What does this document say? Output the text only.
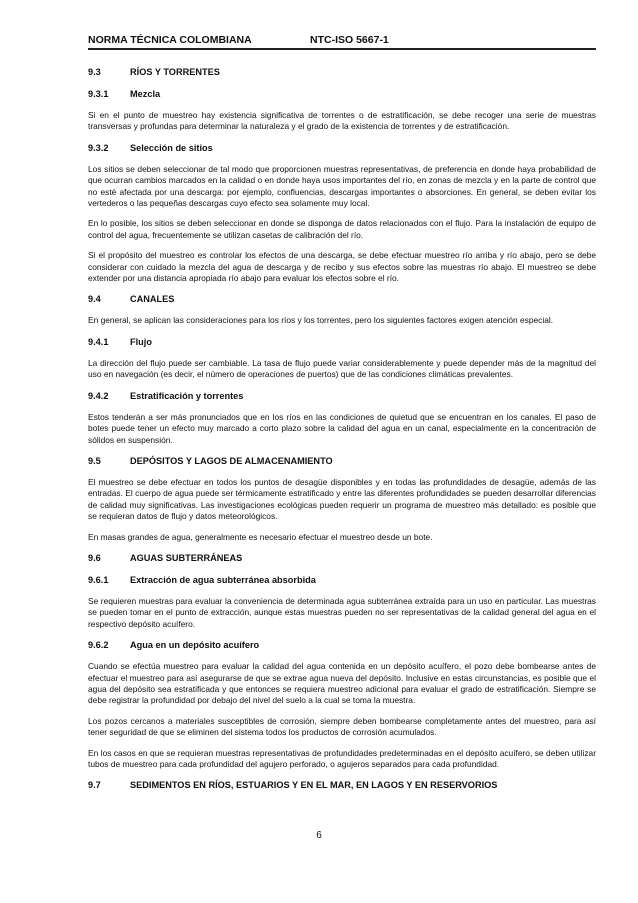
NORMA TÉCNICA COLOMBIANA	NTC-ISO 5667-1
9.3	RÍOS Y TORRENTES
9.3.1 Mezcla
Si en el punto de muestreo hay existencia significativa de torrentes o de estratificación, se debe recoger una serie de muestras transversas y profundas para determinar la naturaleza y el grado de la existencia de torrentes y de estratificación.
9.3.2 Selección de sitios
Los sitios se deben seleccionar de tal modo que proporcionen muestras representativas, de preferencia en donde haya probabilidad de que ocurran cambios marcados en la calidad o en donde haya usos importantes del río, en zonas de mezcla y en la parte de control que no esté afectada por una descarga: por ejemplo, confluencias, descargas importantes o absorciones. En general, se deben evitar los vertederos o las pequeñas descargas cuyo efecto sea solamente muy local.
En lo posible, los sitios se deben seleccionar en donde se disponga de datos relacionados con el flujo. Para la instalación de equipo de control del agua, frecuentemente se utilizan casetas de calibración del río.
Si el propósito del muestreo es controlar los efectos de una descarga, se debe efectuar muestreo río arriba y río abajo, pero se debe considerar con cuidado la mezcla del agua de descarga y de recibo y sus efectos sobre las muestras río abajo. El muestreo se debe extender por una distancia apropiada río abajo para evaluar los efectos sobre el río.
9.4	CANALES
En general, se aplican las consideraciones para los ríos y los torrentes, pero los siguientes factores exigen atención especial.
9.4.1 Flujo
La dirección del flujo puede ser cambiable. La tasa de flujo puede variar considerablemente y puede depender más de la magnitud del uso en navegación (es decir, el número de operaciones de puertos) que de las condiciones climáticas prevalentes.
9.4.2 Estratificación y torrentes
Estos tenderán a ser más pronunciados que en los ríos en las condiciones de quietud que se encuentran en los canales. El paso de botes puede tener un efecto muy marcado a corto plazo sobre la calidad del agua en un canal, especialmente en la concentración de sólidos en suspensión.
9.5	DEPÓSITOS Y LAGOS DE ALMACENAMIENTO
El muestreo se debe efectuar en todos los puntos de desagüe disponibles y en todas las profundidades de desagüe, además de las entradas. El cuerpo de agua puede ser térmicamente estratificado y entre las diferentes profundidades se pueden desarrollar diferencias de calidad muy significativas. Las investigaciones ecológicas pueden requerir un programa de muestreo más detallado: es posible que se requieran datos de flujo y datos meteorológicos.
En masas grandes de agua, generalmente es necesario efectuar el muestreo desde un bote.
9.6	AGUAS SUBTERRÁNEAS
9.6.1 Extracción de agua subterránea absorbida
Se requieren muestras para evaluar la conveniencia de determinada agua subterránea extraída para un uso en particular. Las muestras se pueden tomar en el punto de extracción, aunque estas muestras pueden no ser representativas de la calidad general del agua en el respectivo depósito acuífero.
9.6.2 Agua en un depósito acuífero
Cuando se efectúa muestreo para evaluar la calidad del agua contenida en un depósito acuífero, el pozo debe bombearse antes de efectuar el muestreo para así asegurarse de que se extrae agua nueva del depósito. Inclusive en estas circunstancias, es posible que el agua del depósito sea estratificada y que entonces se requiera muestreo adicional para evaluar el grado de estratificación. Siempre se debe registrar la profundidad por debajo del nivel del suelo a la cual se toma la muestra.
Los pozos cercanos a materiales susceptibles de corrosión, siempre deben bombearse completamente antes del muestreo, para así tener seguridad de que se eliminen del sistema todos los productos de corrosión acumulados.
En los casos en que se requieran muestras representativas de profundidades predeterminadas en el depósito acuífero, se deben utilizar tubos de muestreo para cada profundidad del agujero perforado, o agujeros separados para cada profundidad.
9.7	SEDIMENTOS EN RÍOS, ESTUARIOS Y EN EL MAR, EN LAGOS Y EN RESERVORIOS
6
